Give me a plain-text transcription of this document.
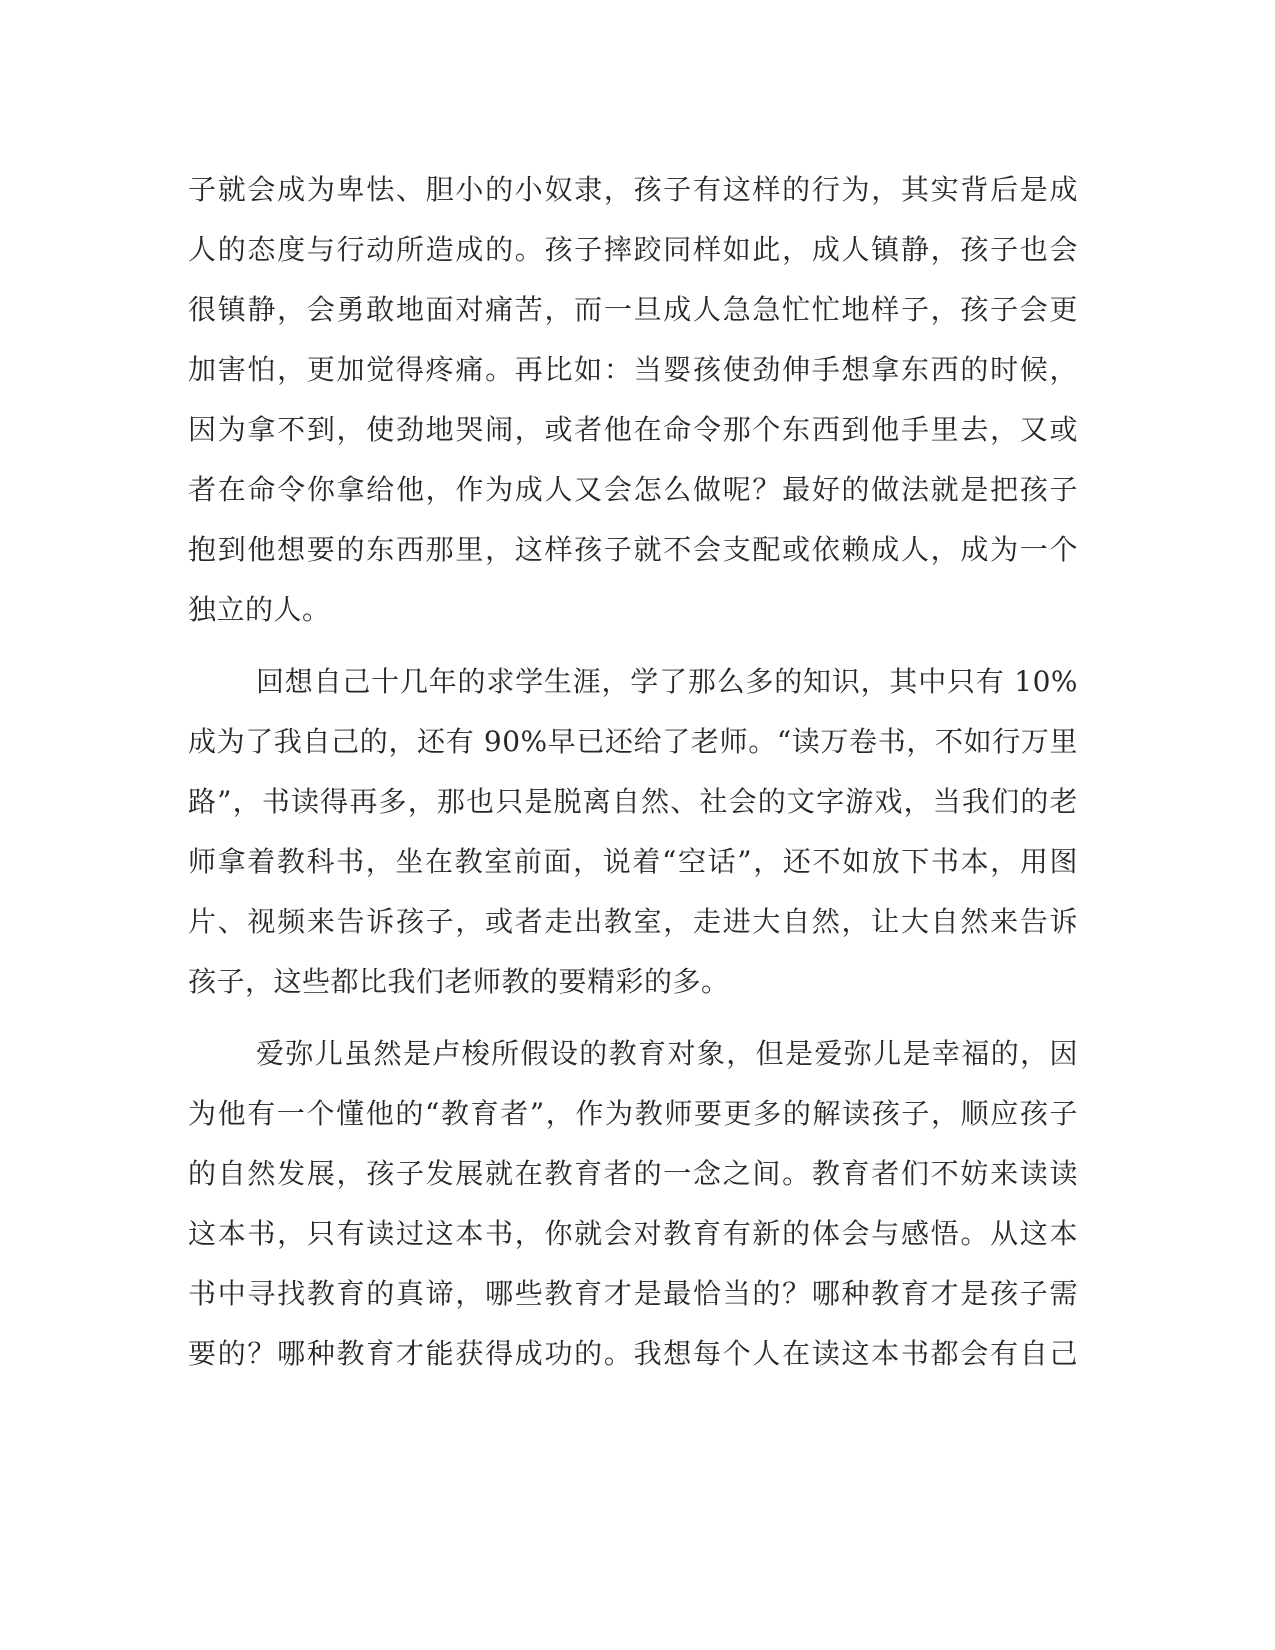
子就会成为卑怯、胆小的小奴隶，孩子有这样的行为，其实背后是成
人的态度与行动所造成的。孩子摔跤同样如此，成人镇静，孩子也会
很镇静，会勇敢地面对痛苦，而一旦成人急急忙忙地样子，孩子会更
加害怕，更加觉得疼痛。再比如：当婴孩使劲伸手想拿东西的时候，
因为拿不到，使劲地哭闹，或者他在命令那个东西到他手里去，又或
者在命令你拿给他，作为成人又会怎么做呢？最好的做法就是把孩子
抱到他想要的东西那里，这样孩子就不会支配或依赖成人，成为一个
独立的人。
回想自己十几年的求学生涯，学了那么多的知识，其中只有 10%
成为了我自己的，还有 90%早已还给了老师。“读万卷书，不如行万里
路”，书读得再多，那也只是脱离自然、社会的文字游戏，当我们的老
师拿着教科书，坐在教室前面，说着“空话”，还不如放下书本，用图
片、视频来告诉孩子，或者走出教室，走进大自然，让大自然来告诉
孩子，这些都比我们老师教的要精彩的多。
爱弥儿虽然是卢梭所假设的教育对象，但是爱弥儿是幸福的，因
为他有一个懂他的“教育者”，作为教师要更多的解读孩子，顺应孩子
的自然发展，孩子发展就在教育者的一念之间。教育者们不妨来读读
这本书，只有读过这本书，你就会对教育有新的体会与感悟。从这本
书中寻找教育的真谛，哪些教育才是最恰当的？哪种教育才是孩子需
要的？哪种教育才能获得成功的。我想每个人在读这本书都会有自己
